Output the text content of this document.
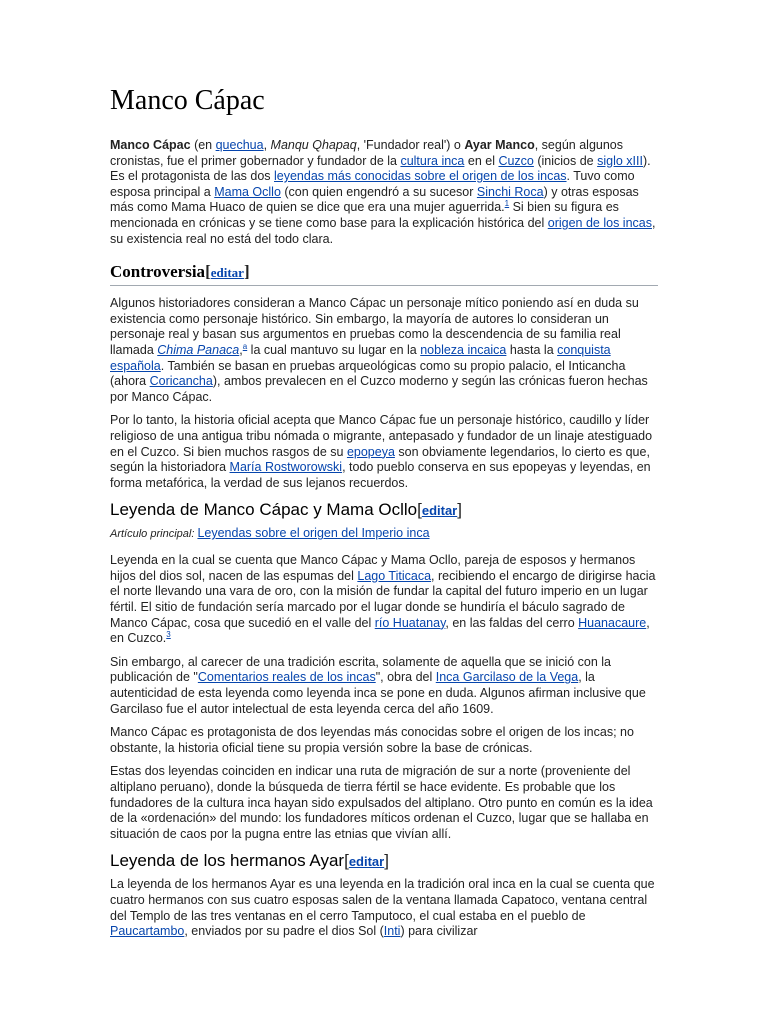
Manco Cápac

Manco Cápac (en quechua, Manqu Qhapaq, 'Fundador real') o Ayar Manco, según algunos cronistas, fue el primer gobernador y fundador de la cultura inca en el Cuzco (inicios de siglo xIII). Es el protagonista de las dos leyendas más conocidas sobre el origen de los incas. Tuvo como esposa principal a Mama Ocllo (con quien engendró a su sucesor Sinchi Roca) y otras esposas más como Mama Huaco de quien se dice que era una mujer aguerrida.$^1$ Si bien su figura es mencionada en crónicas y se tiene como base para la explicación histórica del origen de los incas, su existencia real no está del todo clara.

Controversia[editar]

Algunos historiadores consideran a Manco Cápac un personaje mítico poniendo así en duda su existencia como personaje histórico. Sin embargo, la mayoría de autores lo consideran un personaje real y basan sus argumentos en pruebas como la descendencia de su familia real llamada Chima Panaca,$^a$ la cual mantuvo su lugar en la nobleza incaica hasta la conquista española. También se basan en pruebas arqueológicas como su propio palacio, el Inticancha (ahora Coricancha), ambos prevalecen en el Cuzco moderno y según las crónicas fueron hechas por Manco Cápac.

Por lo tanto, la historia oficial acepta que Manco Cápac fue un personaje histórico, caudillo y líder religioso de una antigua tribu nómada o migrante, antepasado y fundador de un linaje atestiguado en el Cuzco. Si bien muchos rasgos de su epopeya son obviamente legendarios, lo cierto es que, según la historiadora María Rostworowski, todo pueblo conserva en sus epopeyas y leyendas, en forma metafórica, la verdad de sus lejanos recuerdos.

Leyenda de Manco Cápac y Mama Ocllo[editar]
Artículo principal: Leyendas sobre el origen del Imperio inca

Leyenda en la cual se cuenta que Manco Cápac y Mama Ocllo, pareja de esposos y hermanos hijos del dios sol, nacen de las espumas del Lago Titicaca, recibiendo el encargo de dirigirse hacia el norte llevando una vara de oro, con la misión de fundar la capital del futuro imperio en un lugar fértil. El sitio de fundación sería marcado por el lugar donde se hundiría el báculo sagrado de Manco Cápac, cosa que sucedió en el valle del río Huatanay, en las faldas del cerro Huanacaure, en Cuzco.$^3$

Sin embargo, al carecer de una tradición escrita, solamente de aquella que se inició con la publicación de "Comentarios reales de los incas", obra del Inca Garcilaso de la Vega, la autenticidad de esta leyenda como leyenda inca se pone en duda. Algunos afirman inclusive que Garcilaso fue el autor intelectual de esta leyenda cerca del año 1609.

Manco Cápac es protagonista de dos leyendas más conocidas sobre el origen de los incas; no obstante, la historia oficial tiene su propia versión sobre la base de crónicas.

Estas dos leyendas coinciden en indicar una ruta de migración de sur a norte (proveniente del altiplano peruano), donde la búsqueda de tierra fértil se hace evidente. Es probable que los fundadores de la cultura inca hayan sido expulsados del altiplano. Otro punto en común es la idea de la «ordenación» del mundo: los fundadores míticos ordenan el Cuzco, lugar que se hallaba en situación de caos por la pugna entre las etnias que vivían allí.

Leyenda de los hermanos Ayar[editar]

La leyenda de los hermanos Ayar es una leyenda en la tradición oral inca en la cual se cuenta que cuatro hermanos con sus cuatro esposas salen de la ventana llamada Capatoco, ventana central del Templo de las tres ventanas en el cerro Tamputoco, el cual estaba en el pueblo de Paucartambo, enviados por su padre el dios Sol (Inti) para civilizar
